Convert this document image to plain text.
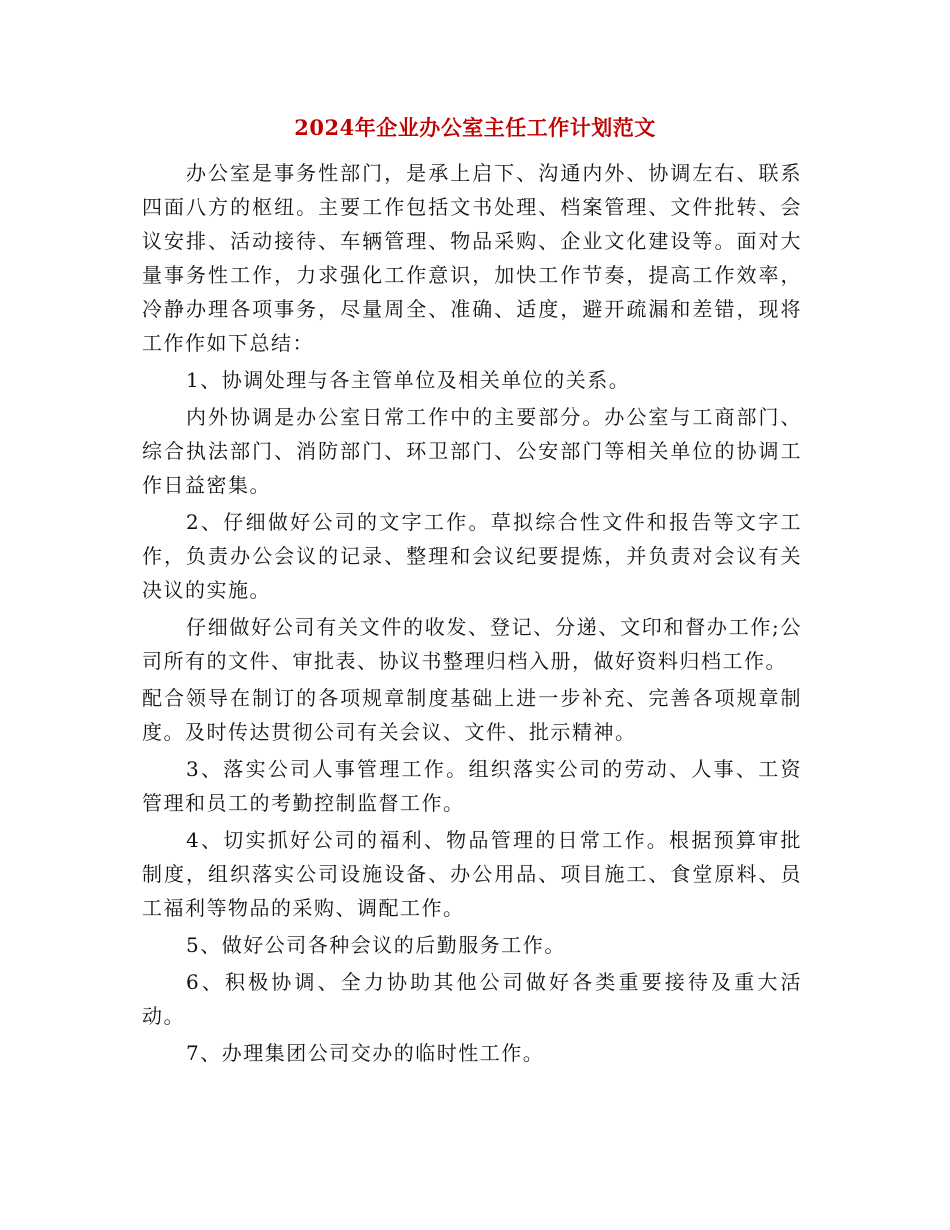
2024年企业办公室主任工作计划范文

办公室是事务性部门，是承上启下、沟通内外、协调左右、联系四面八方的枢纽。主要工作包括文书处理、档案管理、文件批转、会议安排、活动接待、车辆管理、物品采购、企业文化建设等。面对大量事务性工作，力求强化工作意识，加快工作节奏，提高工作效率，冷静办理各项事务，尽量周全、准确、适度，避开疏漏和差错，现将工作作如下总结：

1、协调处理与各主管单位及相关单位的关系。

内外协调是办公室日常工作中的主要部分。办公室与工商部门、综合执法部门、消防部门、环卫部门、公安部门等相关单位的协调工作日益密集。

2、仔细做好公司的文字工作。草拟综合性文件和报告等文字工作，负责办公会议的记录、整理和会议纪要提炼，并负责对会议有关决议的实施。

仔细做好公司有关文件的收发、登记、分递、文印和督办工作;公司所有的文件、审批表、协议书整理归档入册，做好资料归档工作。

配合领导在制订的各项规章制度基础上进一步补充、完善各项规章制度。及时传达贯彻公司有关会议、文件、批示精神。

3、落实公司人事管理工作。组织落实公司的劳动、人事、工资管理和员工的考勤控制监督工作。

4、切实抓好公司的福利、物品管理的日常工作。根据预算审批制度，组织落实公司设施设备、办公用品、项目施工、食堂原料、员工福利等物品的采购、调配工作。

5、做好公司各种会议的后勤服务工作。

6、积极协调、全力协助其他公司做好各类重要接待及重大活动。

7、办理集团公司交办的临时性工作。
